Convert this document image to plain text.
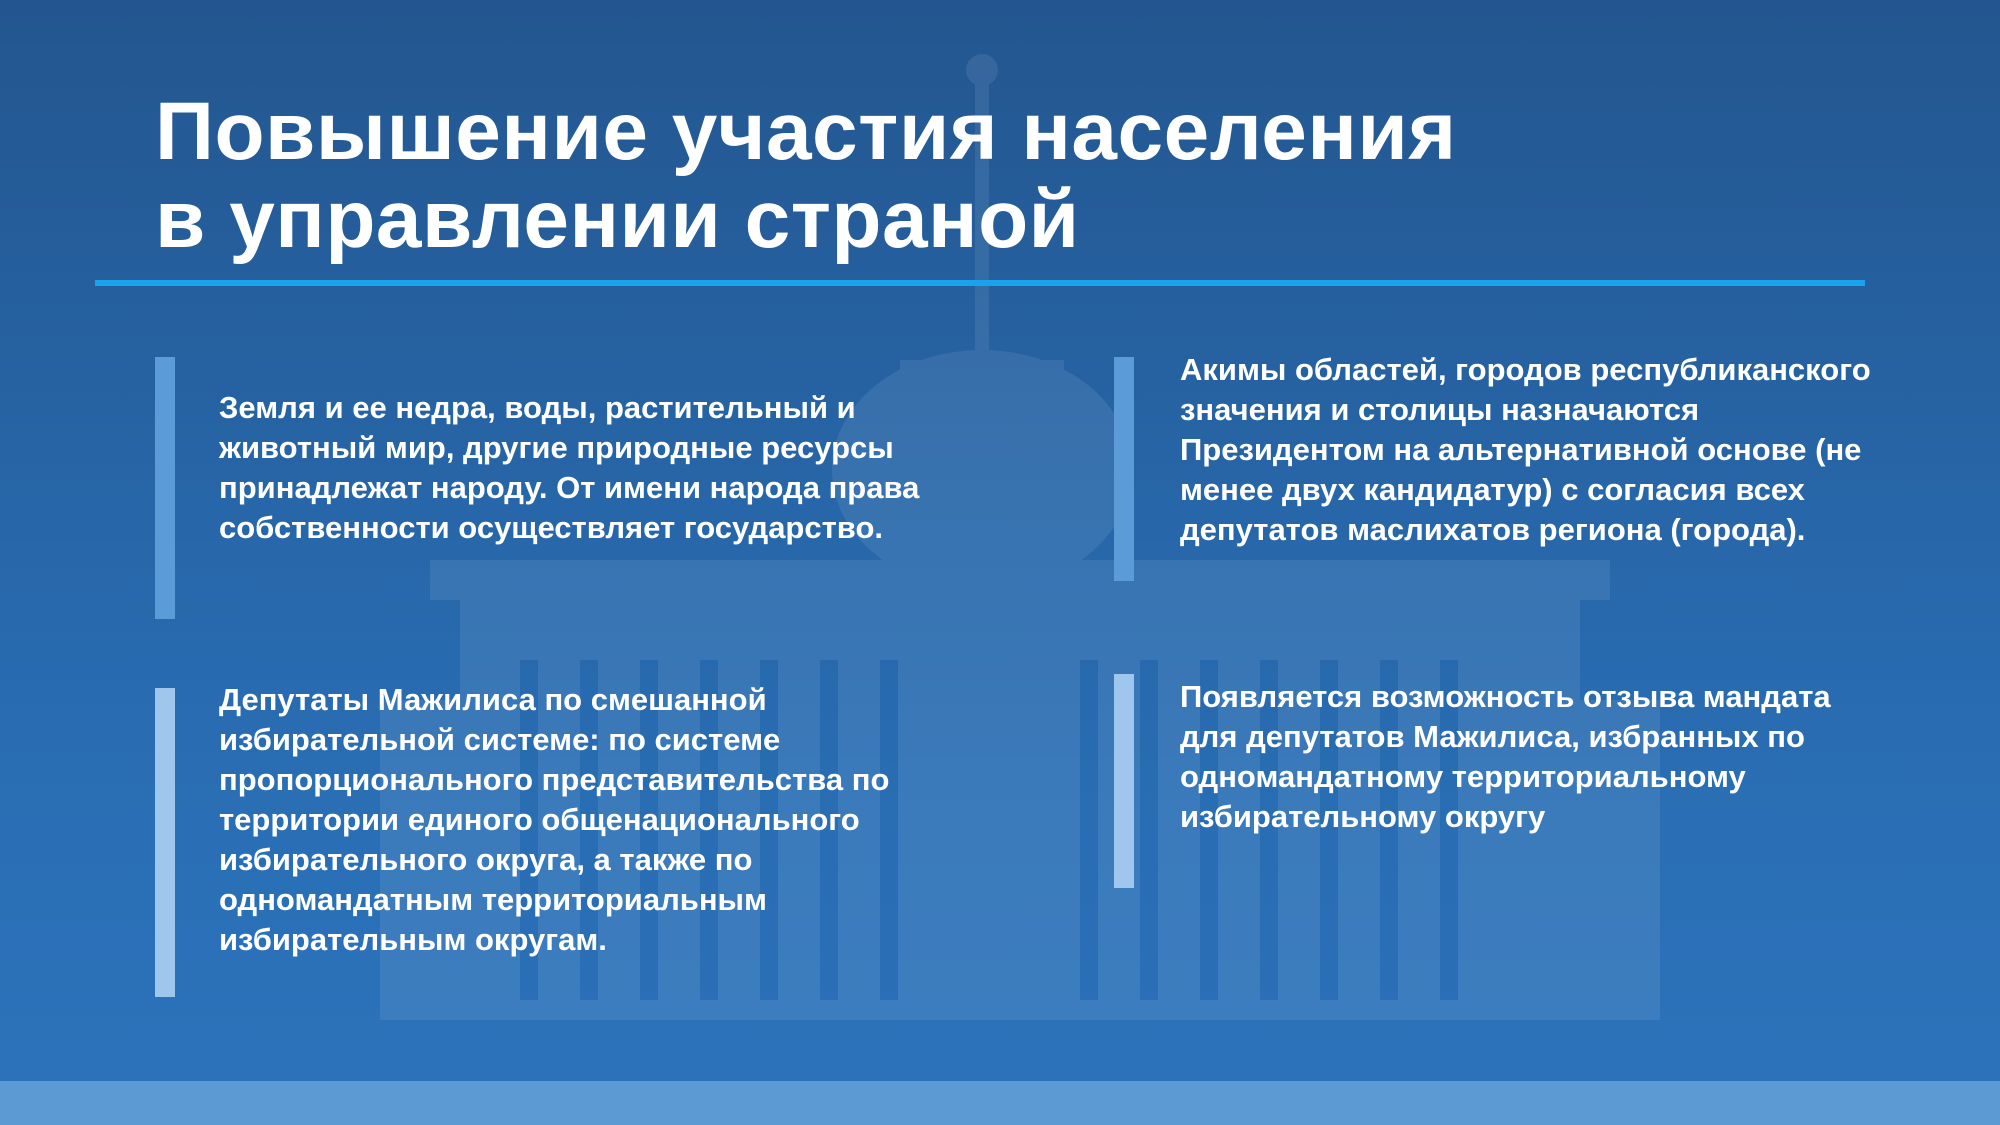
Повышение участия населения
в управлении страной

Земля и ее недра, воды, растительный и животный мир, другие природные ресурсы принадлежат народу. От имени народа права собственности осуществляет государство.

Акимы областей, городов республиканского значения и столицы назначаются Президентом на альтернативной основе (не менее двух кандидатур) с согласия всех депутатов маслихатов региона (города).

Депутаты Мажилиса по смешанной избирательной системе: по системе пропорционального представительства по территории единого общенационального избирательного округа, а также по одномандатным территориальным избирательным округам.

Появляется возможность отзыва мандата для депутатов Мажилиса, избранных по одномандатному территориальному избирательному округу
